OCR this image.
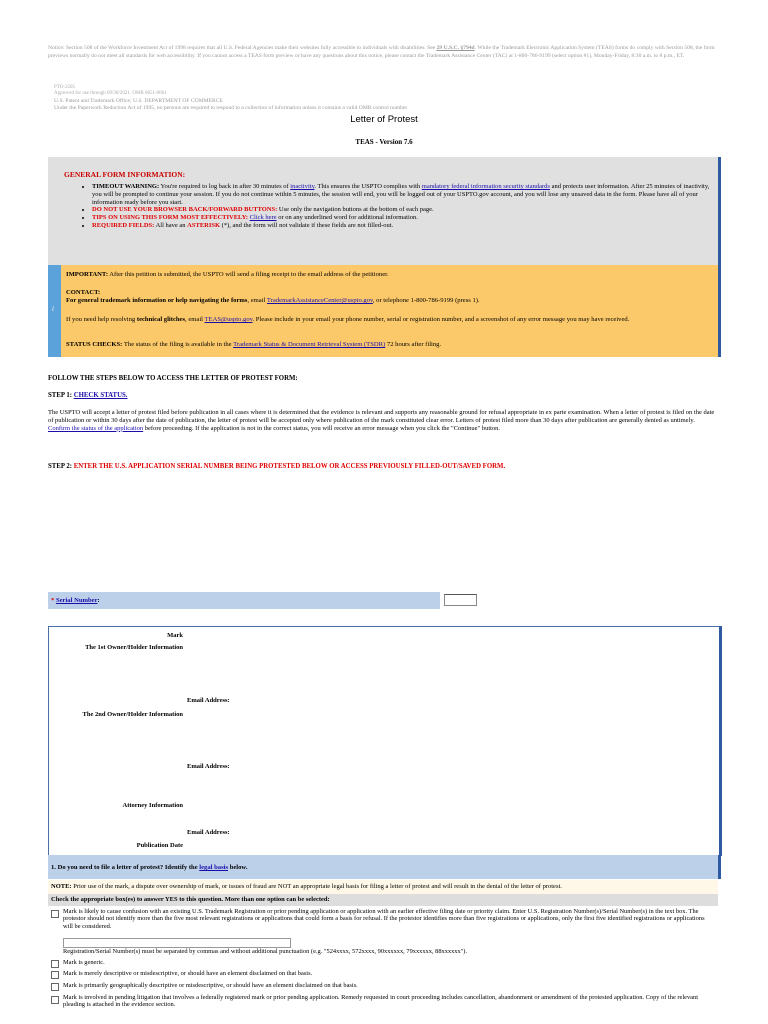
Notice: Section 508 of the Workforce Investment Act of 1998 requires that all U.S. Federal Agencies make their websites fully accessible to individuals with disabilities. See 29 U.S.C. §794d. While the Trademark Electronic Application System (TEAS) forms do comply with Section 508, the form previews normally do not meet all standards for web accessibility. If you cannot access a TEAS form preview or have any questions about this notice, please contact the Trademark Assistance Center (TAC) at 1-800-786-9199 (select option #1), Monday-Friday, 8:30 a.m. to 8 p.m., ET.
PTO-2205
Approved for use through 09/30/2021. OMB 0651-0061
U.S. Patent and Trademark Office; U.S. DEPARTMENT OF COMMERCE
Under the Paperwork Reduction Act of 1995, no persons are required to respond to a collection of information unless it contains a valid OMB control number
Letter of Protest
TEAS - Version 7.6
GENERAL FORM INFORMATION:
• TIMEOUT WARNING: You're required to log back in after 30 minutes of inactivity. This ensures the USPTO complies with mandatory federal information security standards and protects user information. After 25 minutes of inactivity, you will be prompted to continue your session. If you do not continue within 5 minutes, the session will end, you will be logged out of your USPTO.gov account, and you will lose any unsaved data in the form. Please have all of your information ready before you start.
• DO NOT USE YOUR BROWSER BACK/FORWARD BUTTONS: Use only the navigation buttons at the bottom of each page.
• TIPS ON USING THIS FORM MOST EFFECTIVELY: Click here or on any underlined word for additional information.
• REQUIRED FIELDS: All have an ASTERISK (*), and the form will not validate if these fields are not filled-out.
i
IMPORTANT: After this petition is submitted, the USPTO will send a filing receipt to the email address of the petitioner.
CONTACT:
For general trademark information or help navigating the forms, email TrademarkAssistanceCenter@uspto.gov, or telephone 1-800-786-9199 (press 1).
If you need help resolving technical glitches, email TEAS@uspto.gov. Please include in your email your phone number, serial or registration number, and a screenshot of any error message you may have received.
STATUS CHECKS: The status of the filing is available in the Trademark Status & Document Retrieval System (TSDR) 72 hours after filing.
FOLLOW THE STEPS BELOW TO ACCESS THE LETTER OF PROTEST FORM:
STEP 1: CHECK STATUS.
The USPTO will accept a letter of protest filed before publication in all cases where it is determined that the evidence is relevant and supports any reasonable ground for refusal appropriate in ex parte examination. When a letter of protest is filed on the date of publication or within 30 days after the date of publication, the letter of protest will be accepted only where publication of the mark constituted clear error. Letters of protest filed more than 30 days after publication are generally denied as untimely. Confirm the status of the application before proceeding. If the application is not in the correct status, you will receive an error message when you click the "Continue" button.
STEP 2: ENTER THE U.S. APPLICATION SERIAL NUMBER BEING PROTESTED BELOW OR ACCESS PREVIOUSLY FILLED-OUT/SAVED FORM.
* Serial Number:
Mark
The 1st Owner/Holder Information
Email Address:
The 2nd Owner/Holder Information
Email Address:
Attorney Information
Email Address:
Publication Date
1. Do you need to file a letter of protest? Identify the legal basis below.
NOTE: Prior use of the mark, a dispute over ownership of mark, or issues of fraud are NOT an appropriate legal basis for filing a letter of protest and will result in the denial of the letter of protest.
Check the appropriate box(es) to answer YES to this question. More than one option can be selected:
Mark is likely to cause confusion with an existing U.S. Trademark Registration or prior pending application or application with an earlier effective filing date or priority claim. Enter U.S. Registration Number(s)/Serial Number(s) in the text box. The protestor should not identify more than the five most relevant registrations or applications that could form a basis for refusal. If the protestor identifies more than five registrations or applications, only the first five identified registrations or applications will be considered.
Registration/Serial Number(s) must be separated by commas and without additional punctuation (e.g. "524xxxx, 572xxxx, 90xxxxxx, 79xxxxxx, 88xxxxxx").
Mark is generic.
Mark is merely descriptive or misdescriptive, or should have an element disclaimed on that basis.
Mark is primarily geographically descriptive or misdescriptive, or should have an element disclaimed on that basis.
Mark is involved in pending litigation that involves a federally registered mark or prior pending application. Remedy requested in court proceeding includes cancellation, abandonment or amendment of the protested application. Copy of the relevant pleading is attached in the evidence section.
